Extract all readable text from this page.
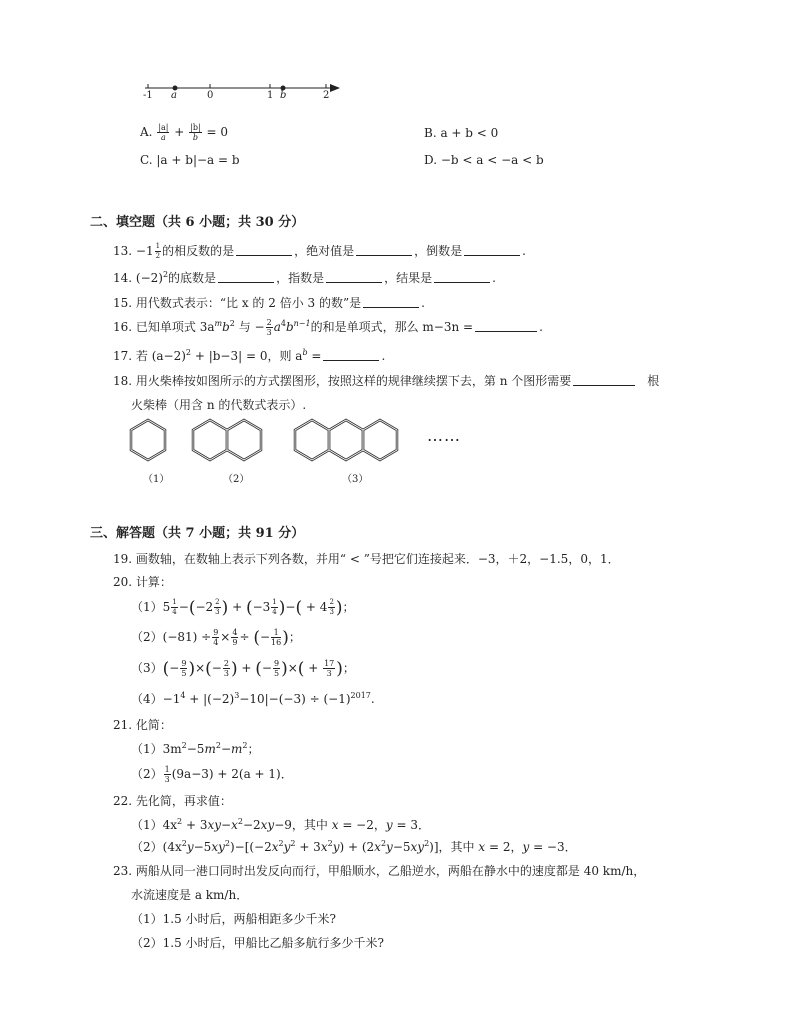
-1 a	0	1 b	2
A. $\frac{|a|}{a} + \frac{|b|}{b} = 0$	B. a + b < 0
C. |a + b|−a = b	D. −b < a < −a < b
二、填空题（共 6 小题；共 30 分）
13. $-1 \frac{1}{2}$ 的相反数的是	，绝对值是	，倒数是	.
14. $(-2)^2$的底数是	，指数是	，结果是	.
15. 用代数式表示：“比 x 的 2 倍小 3 的数”是	.
16. 已知单项式 $3a^mb^2$ 与 − $\frac{2}{3} a^4b^{n-1}$的和是单项式，那么 m−3n =	.
17. 若 $(a-2)^2 + |b-3| = 0$，则 $a^b$ =	.
18. 用火柴棒按如图所示的方式摆图形，按照这样的规律继续摆下去，第 n 个图形需要	根
火柴棒（用含 n 的代数式表示）.
……
（1）	（2）	（3）
三、解答题（共 7 小题；共 91 分）
19. 画数轴，在数轴上表示下列各数，并用“ < ”号把它们连接起来．−3，＋2，−1.5，0，1．
20. 计算：
$(1)5 \frac{1}{4} -(-2 \frac{2}{3}$ ) + ($-3 \frac{1}{4}$ )−( + $4 \frac{2}{3}$ )；
$(2)(-81) \div \frac{9}{4} \times \frac{4}{9}$ ÷ (− $\frac{1}{16}$ )；
$(3)(- \frac{9}{5}$ )×(− $\frac{2}{3}$ ) + (− $\frac{9}{5}$ )×( + $\frac{17}{3}$ )；
$(4)-1^4 + |(-2)^3-10|-(-3) \div (-1)^{2017}$.
21. 化简：
$(1)3m^2-5m^2-m^2$；
$(2) \frac{1}{3} (9a-3) + 2(a + 1)$．
22. 先化简，再求值：
$(1)4x^2 + 3xy-x^2-2xy-9$，其中 x = −2，y = 3．
$(2)(4x^2y-5xy^2)-[(-2x^2y^2 + 3x^2y) + (2x^2y-5xy^2)]$，其中 x = 2，y = −3．
23. 两船从同一港口同时出发反向而行，甲船顺水，乙船逆水，两船在静水中的速度都是 40 km/h，
水流速度是 a km/h．
（1）1.5 小时后，两船相距多少千米?
（2）1.5 小时后，甲船比乙船多航行多少千米?
